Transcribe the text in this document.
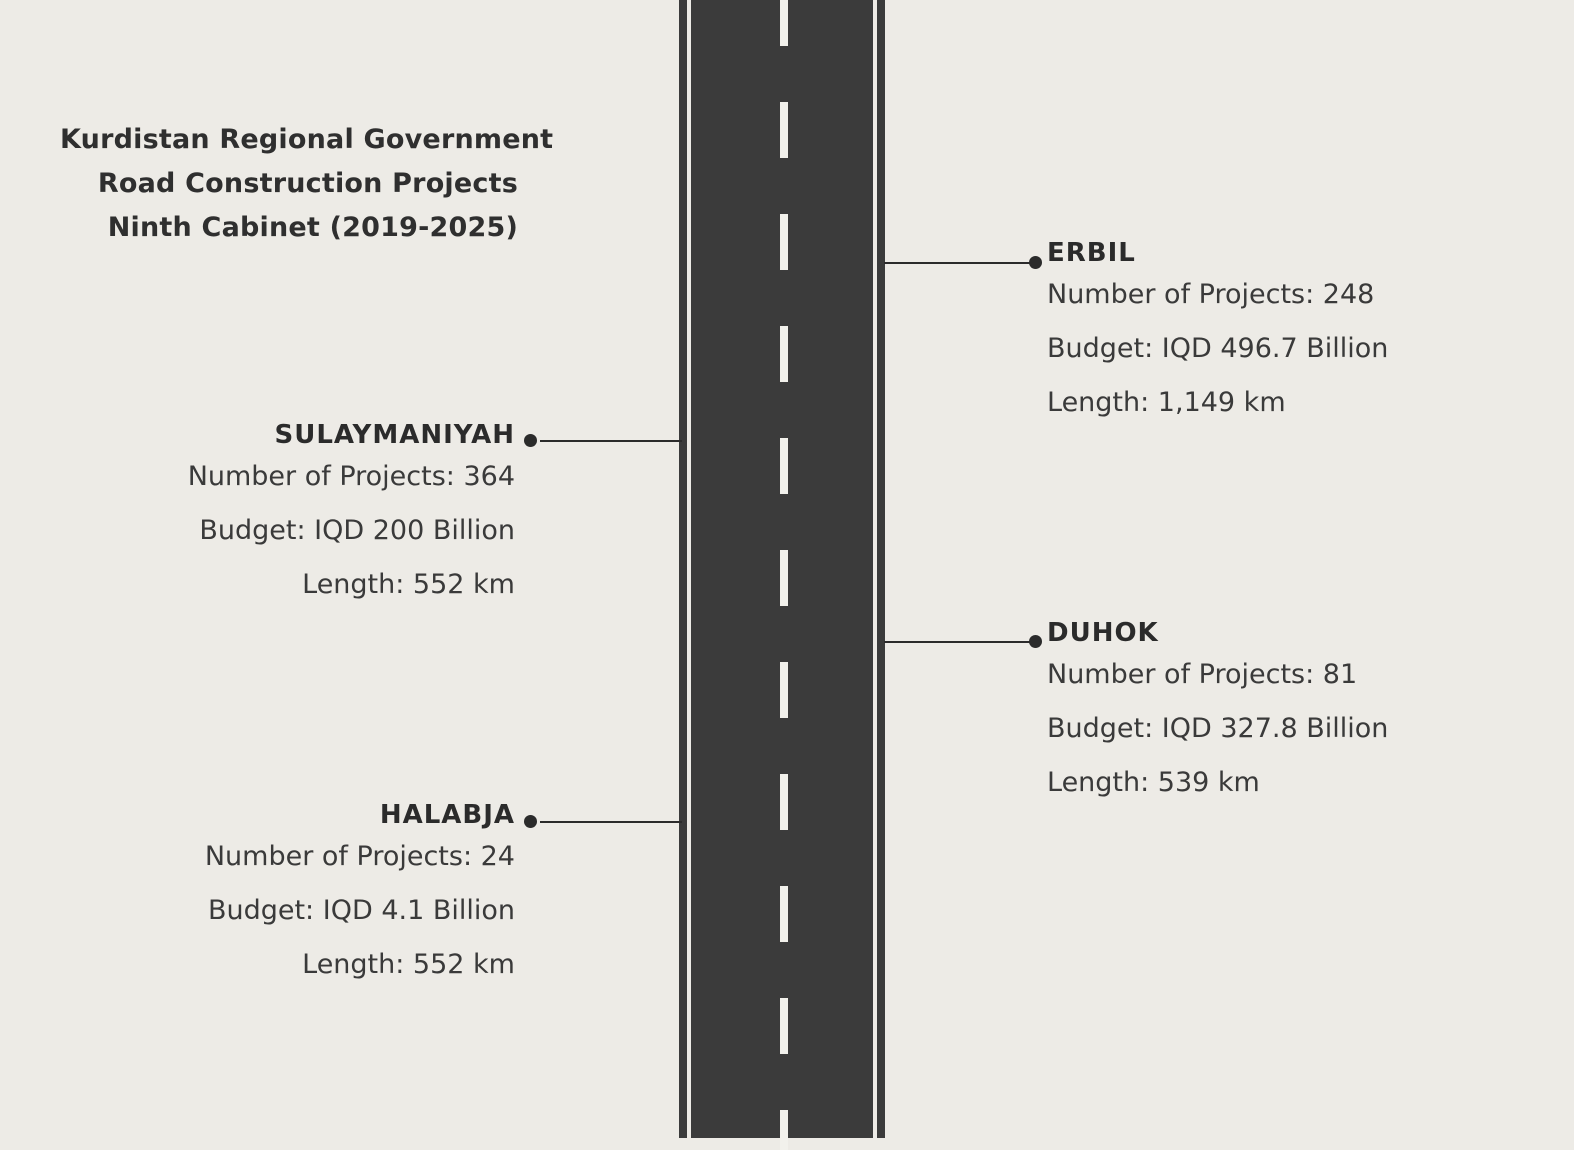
Kurdistan Regional Government
Road Construction Projects
Ninth Cabinet (2019-2025)
ERBIL
Number of Projects: 248
Budget: IQD 496.7 Billion
Length: 1,149 km
DUHOK
Number of Projects: 81
Budget: IQD 327.8 Billion
Length: 539 km
SULAYMANIYAH
Number of Projects: 364
Budget: IQD 200 Billion
Length: 552 km
HALABJA
Number of Projects: 24
Budget: IQD 4.1 Billion
Length: 552 km
